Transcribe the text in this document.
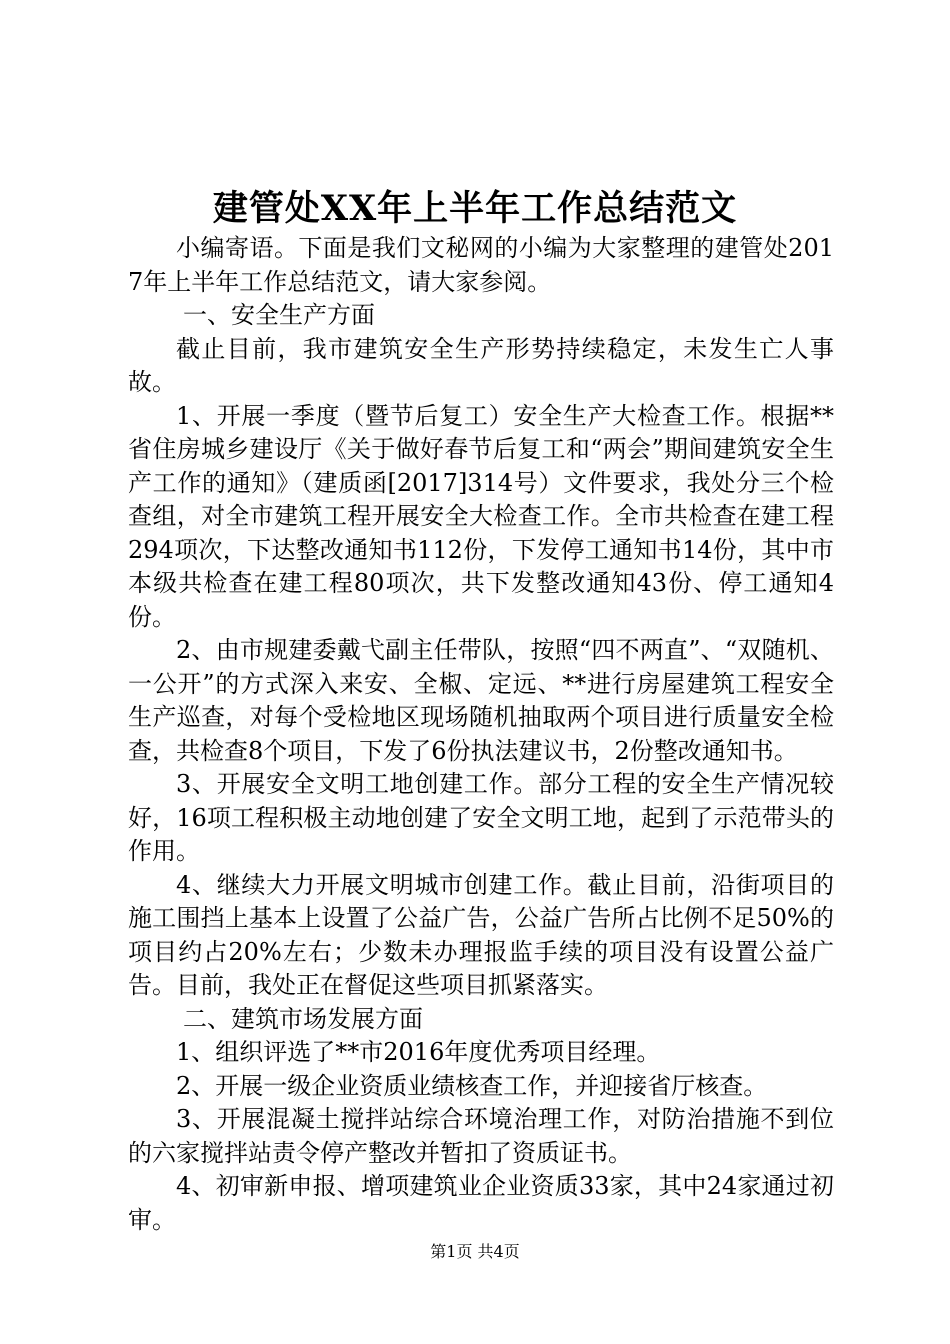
建管处XX年上半年工作总结范文

小编寄语。下面是我们文秘网的小编为大家整理的建管处2017年上半年工作总结范文，请大家参阅。

一、安全生产方面

截止目前，我市建筑安全生产形势持续稳定，未发生亡人事故。

1、开展一季度（暨节后复工）安全生产大检查工作。根据**省住房城乡建设厅《关于做好春节后复工和“两会”期间建筑安全生产工作的通知》（建质函[2017]314号）文件要求，我处分三个检查组，对全市建筑工程开展安全大检查工作。全市共检查在建工程294项次，下达整改通知书112份，下发停工通知书14份，其中市本级共检查在建工程80项次，共下发整改通知43份、停工通知4份。

2、由市规建委戴弋副主任带队，按照“四不两直”、“双随机、一公开”的方式深入来安、全椒、定远、**进行房屋建筑工程安全生产巡查，对每个受检地区现场随机抽取两个项目进行质量安全检查，共检查8个项目，下发了6份执法建议书，2份整改通知书。

3、开展安全文明工地创建工作。部分工程的安全生产情况较好，16项工程积极主动地创建了安全文明工地，起到了示范带头的作用。

4、继续大力开展文明城市创建工作。截止目前，沿街项目的施工围挡上基本上设置了公益广告，公益广告所占比例不足50%的项目约占20%左右；少数未办理报监手续的项目没有设置公益广告。目前，我处正在督促这些项目抓紧落实。

二、建筑市场发展方面

1、组织评选了**市2016年度优秀项目经理。

2、开展一级企业资质业绩核查工作，并迎接省厅核查。

3、开展混凝土搅拌站综合环境治理工作，对防治措施不到位的六家搅拌站责令停产整改并暂扣了资质证书。

4、初审新申报、增项建筑业企业资质33家，其中24家通过初审。

第1页 共4页
